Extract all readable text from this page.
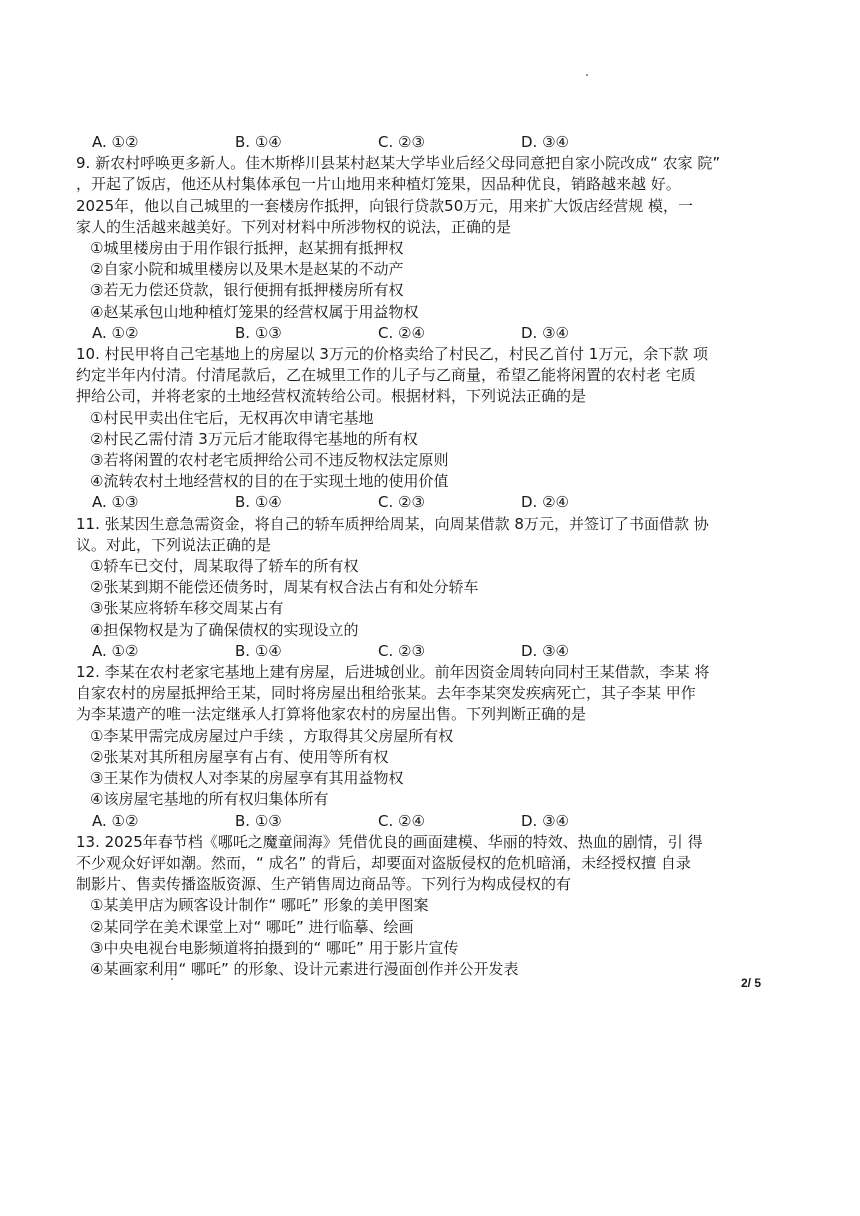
A. ①②	B. ①④	C. ②③	D. ③④

9. 新农村呼唤更多新人。佳木斯桦川县某村赵某大学毕业后经父母同意把自家小院改成“ 农家 院”

，开起了饭店，他还从村集体承包一片山地用来种植灯笼果，因品种优良，销路越来越 好。

2025年，他以自己城里的一套楼房作抵押，向银行贷款50万元，用来扩大饭店经营规 模，一

家人的生活越来越美好。下列对材料中所涉物权的说法，正确的是

①城里楼房由于用作银行抵押，赵某拥有抵押权

②自家小院和城里楼房以及果木是赵某的不动产

③若无力偿还贷款，银行便拥有抵押楼房所有权

④赵某承包山地种植灯笼果的经营权属于用益物权

A. ①②	B. ①③	C. ②④	D. ③④

10. 村民甲将自己宅基地上的房屋以 3万元的价格卖给了村民乙，村民乙首付 1万元，余下款 项

约定半年内付清。付清尾款后，乙在城里工作的儿子与乙商量，希望乙能将闲置的农村老 宅质

押给公司，并将老家的土地经营权流转给公司。根据材料，下列说法正确的是

①村民甲卖出住宅后，无权再次申请宅基地

②村民乙需付清 3万元后才能取得宅基地的所有权

③若将闲置的农村老宅质押给公司不违反物权法定原则

④流转农村土地经营权的目的在于实现土地的使用价值

A. ①③	B. ①④	C. ②③	D. ②④

11. 张某因生意急需资金，将自己的轿车质押给周某，向周某借款 8万元，并签订了书面借款 协

议。对此，下列说法正确的是

①轿车已交付，周某取得了轿车的所有权

②张某到期不能偿还债务时，周某有权合法占有和处分轿车

③张某应将轿车移交周某占有

④担保物权是为了确保债权的实现设立的

A. ①②	B. ①④	C. ②③	D. ③④

12. 李某在农村老家宅基地上建有房屋，后进城创业。前年因资金周转向同村王某借款，李某 将

自家农村的房屋抵押给王某，同时将房屋出租给张某。去年李某突发疾病死亡，其子李某 甲作

为李某遗产的唯一法定继承人打算将他家农村的房屋出售。下列判断正确的是

①李某甲需完成房屋过户手续 ，方取得其父房屋所有权

②张某对其所租房屋享有占有、使用等所有权

③王某作为债权人对李某的房屋享有其用益物权

④该房屋宅基地的所有权归集体所有

A. ①②	B. ①③	C. ②④	D. ③④

13. 2025年春节档《哪吒之魔童闹海》凭借优良的画面建模、华丽的特效、热血的剧情，引 得

不少观众好评如潮。然而，“ 成名” 的背后，却要面对盗版侵权的危机暗涌，未经授权擅 自录

制影片、售卖传播盗版资源、生产销售周边商品等。下列行为构成侵权的有

①某美甲店为顾客设计制作“ 哪吒” 形象的美甲图案

②某同学在美术课堂上对“ 哪吒” 进行临摹、绘画

③中央电视台电影频道将拍摄到的“ 哪吒” 用于影片宣传

④某画家利用“ 哪吒” 的形象、设计元素进行漫面创作并公开发表

2/ 5
